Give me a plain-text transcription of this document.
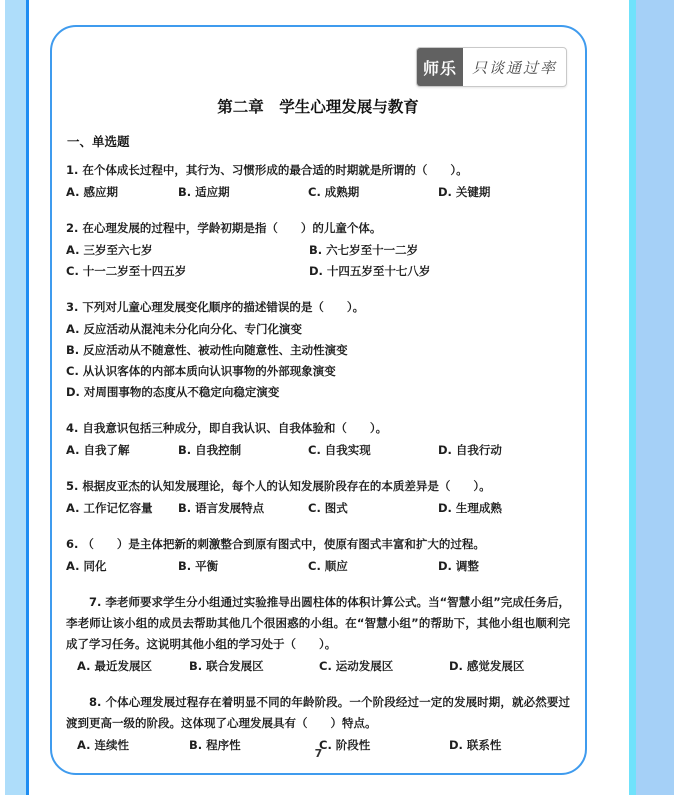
师乐	只谈通过率
第二章　学生心理发展与教育
一、单选题

1. 在个体成长过程中，其行为、习惯形成的最合适的时期就是所谓的（　　）。

A. 感应期	B. 适应期	C. 成熟期	D. 关键期

2. 在心理发展的过程中，学龄初期是指（　　）的儿童个体。

A. 三岁至六七岁	B. 六七岁至十一二岁
C. 十一二岁至十四五岁	D. 十四五岁至十七八岁

3. 下列对儿童心理发展变化顺序的描述错误的是（　　）。

A. 反应活动从混沌未分化向分化、专门化演变
B. 反应活动从不随意性、被动性向随意性、主动性演变
C. 从认识客体的内部本质向认识事物的外部现象演变
D. 对周围事物的态度从不稳定向稳定演变

4. 自我意识包括三种成分，即自我认识、自我体验和（　　）。

A. 自我了解	B. 自我控制	C. 自我实现	D. 自我行动

5. 根据皮亚杰的认知发展理论，每个人的认知发展阶段存在的本质差异是（　　）。

A. 工作记忆容量	B. 语言发展特点	C. 图式	D. 生理成熟

6. （　　）是主体把新的刺激整合到原有图式中，使原有图式丰富和扩大的过程。

A. 同化	B. 平衡	C. 顺应	D. 调整

7. 李老师要求学生分小组通过实验推导出圆柱体的体积计算公式。当“智慧小组”完成任务后，李老师让该小组的成员去帮助其他几个很困惑的小组。在“智慧小组”的帮助下，其他小组也顺利完成了学习任务。这说明其他小组的学习处于（　　）。

A. 最近发展区	B. 联合发展区	C. 运动发展区	D. 感觉发展区

8. 个体心理发展过程存在着明显不同的年龄阶段。一个阶段经过一定的发展时期，就必然要过渡到更高一级的阶段。这体现了心理发展具有（　　）特点。

A. 连续性	B. 程序性	C. 阶段性	D. 联系性
7
